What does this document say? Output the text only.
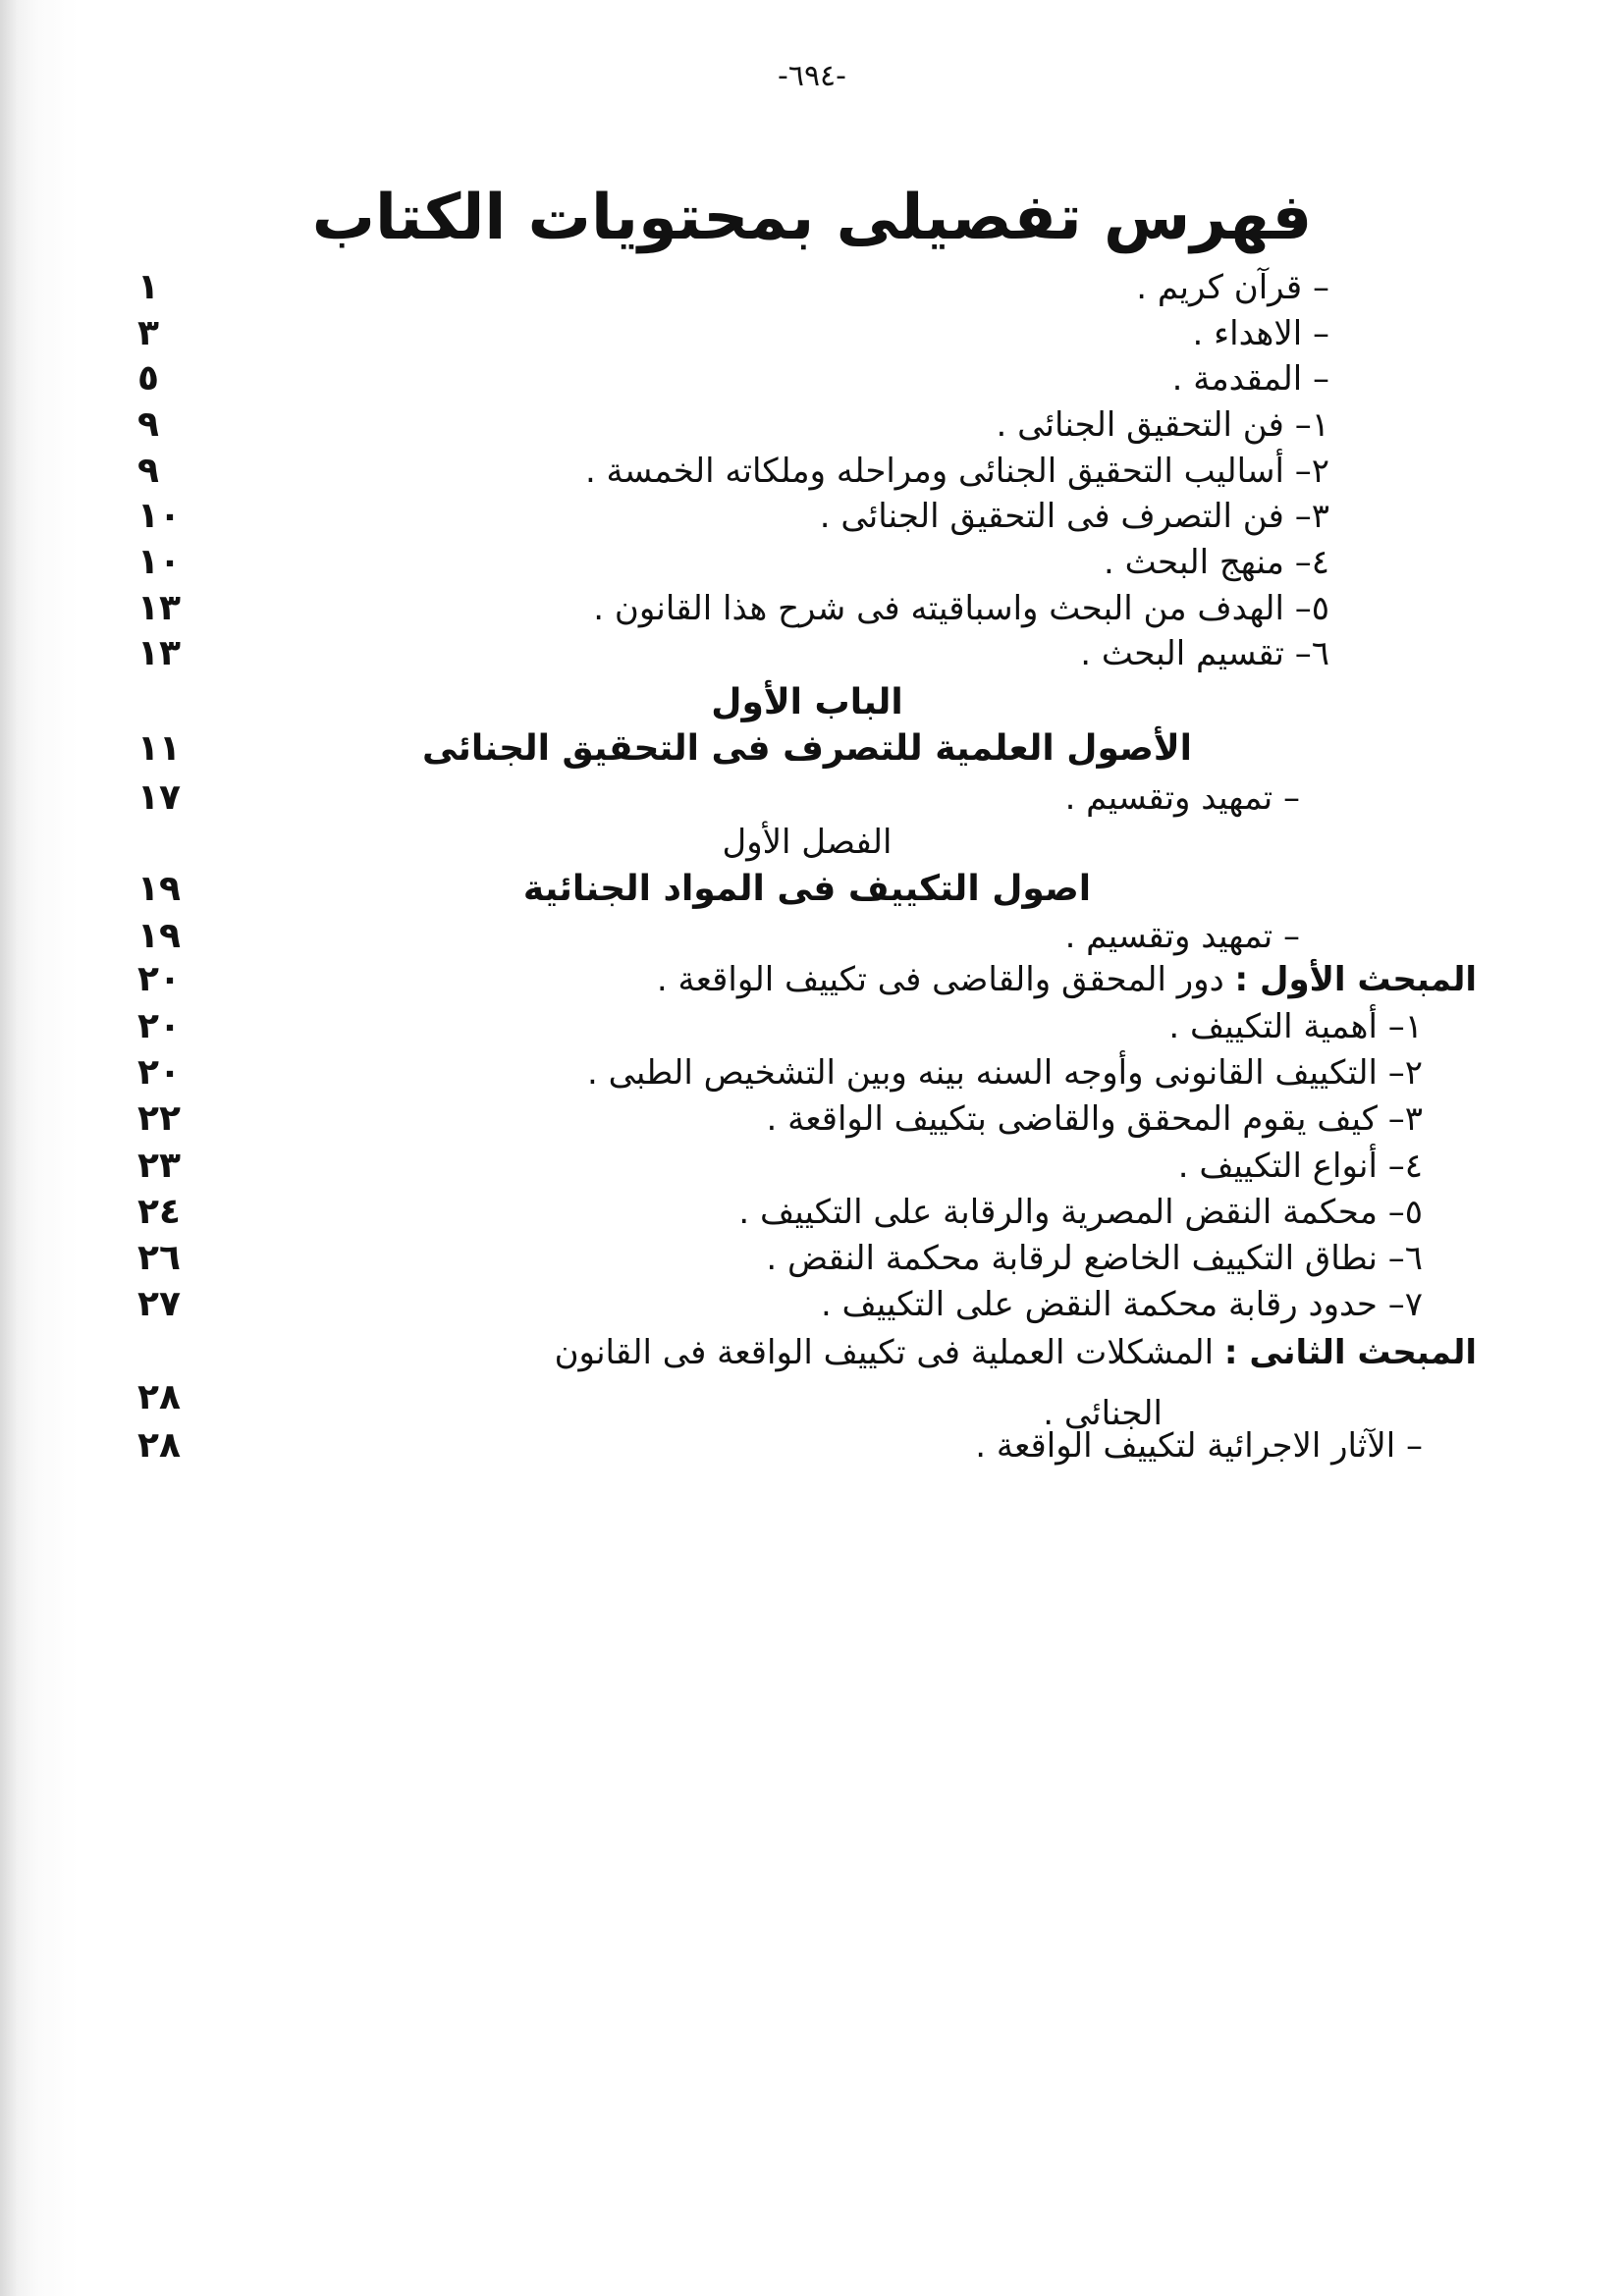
-٦٩٤-
فهرس تفصيلى بمحتويات الكتاب
– قرآن كريم .
١
– الاهداء .
٣
– المقدمة .
٥
١– فن التحقيق الجنائى .
٩
٢– أساليب التحقيق الجنائى ومراحله وملكاته الخمسة .
٩
٣– فن التصرف فى التحقيق الجنائى .
١٠
٤– منهج البحث .
١٠
٥– الهدف من البحث واسباقيته فى شرح هذا القانون .
١٣
٦– تقسيم البحث .
١٣
الباب الأول
الأصول العلمية للتصرف فى التحقيق الجنائى
١١
– تمهيد وتقسيم .
١٧
الفصل الأول
اصول التكييف فى المواد الجنائية
١٩
– تمهيد وتقسيم .
١٩
المبحث الأول : دور المحقق والقاضى فى تكييف الواقعة .
٢٠
١– أهمية التكييف .
٢٠
٢– التكييف القانونى وأوجه السنه بينه وبين التشخيص الطبى .
٢٠
٣– كيف يقوم المحقق والقاضى بتكييف الواقعة .
٢٢
٤– أنواع التكييف .
٢٣
٥– محكمة النقض المصرية والرقابة على التكييف .
٢٤
٦– نطاق التكييف الخاضع لرقابة محكمة النقض .
٢٦
٧– حدود رقابة محكمة النقض على التكييف .
٢٧
المبحث الثانى : المشكلات العملية فى تكييف الواقعة فى القانون
الجنائى .
٢٨
– الآثار الاجرائية لتكييف الواقعة .
٢٨
